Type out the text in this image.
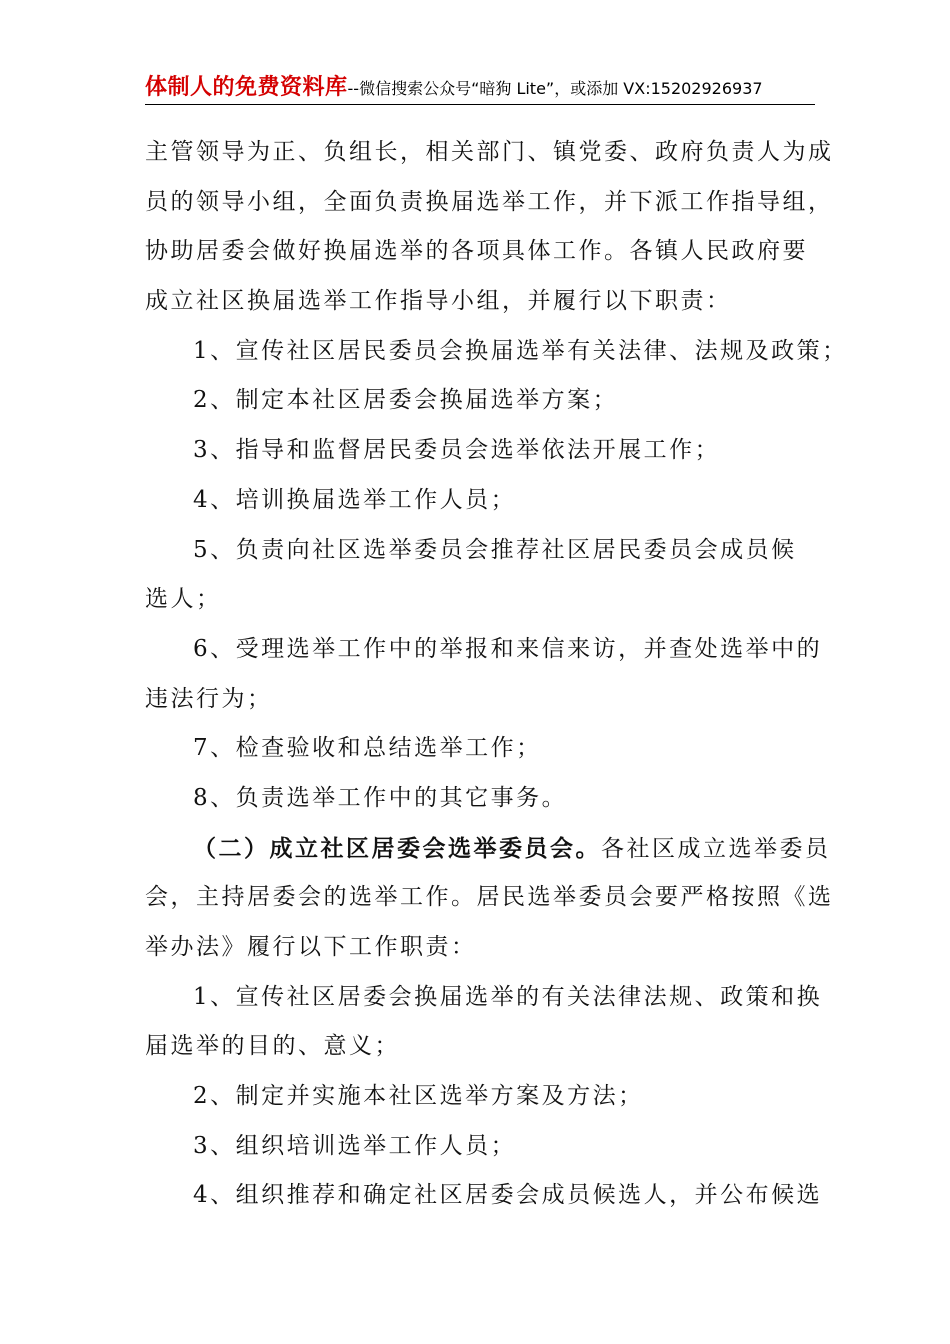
体制人的免费资料库--微信搜索公众号“暗狗 Lite”，或添加 VX:15202926937
主管领导为正、负组长，相关部门、镇党委、政府负责人为成
员的领导小组，全面负责换届选举工作，并下派工作指导组，
协助居委会做好换届选举的各项具体工作。各镇人民政府要
成立社区换届选举工作指导小组，并履行以下职责：
1、宣传社区居民委员会换届选举有关法律、法规及政策；
2、制定本社区居委会换届选举方案；
3、指导和监督居民委员会选举依法开展工作；
4、培训换届选举工作人员；
5、负责向社区选举委员会推荐社区居民委员会成员候
选人；
6、受理选举工作中的举报和来信来访，并查处选举中的
违法行为；
7、检查验收和总结选举工作；
8、负责选举工作中的其它事务。
（二）成立社区居委会选举委员会。各社区成立选举委员
会，主持居委会的选举工作。居民选举委员会要严格按照《选
举办法》履行以下工作职责：
1、宣传社区居委会换届选举的有关法律法规、政策和换
届选举的目的、意义；
2、制定并实施本社区选举方案及方法；
3、组织培训选举工作人员；
4、组织推荐和确定社区居委会成员候选人，并公布候选
